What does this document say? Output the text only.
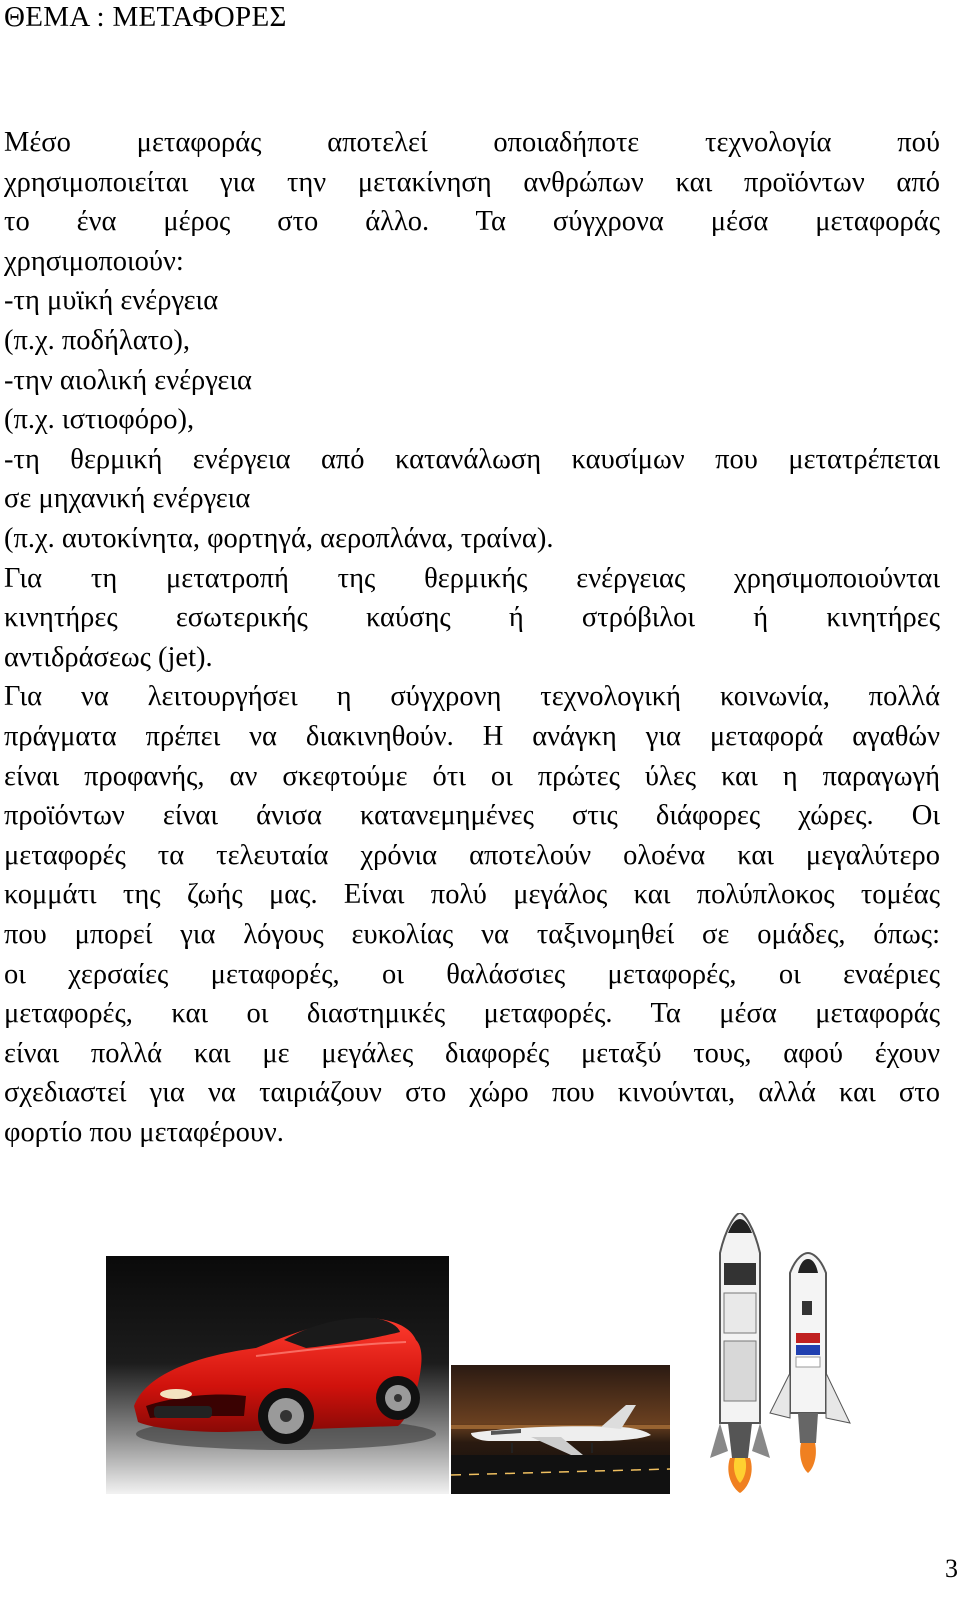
ΘΕΜΑ : ΜΕΤΑΦΟΡΕΣ
Μέσο μεταφοράς αποτελεί οποιαδήποτε τεχνολογία πού
χρησιμοποιείται για την μετακίνηση ανθρώπων και προϊόντων από
το ένα μέρος στο άλλο. Τα σύγχρονα μέσα μεταφοράς
χρησιμοποιούν:
-τη μυϊκή ενέργεια
(π.χ. ποδήλατο),
-την αιολική ενέργεια
(π.χ. ιστιοφόρο),
-τη θερμική ενέργεια από κατανάλωση καυσίμων που μετατρέπεται
σε μηχανική ενέργεια
(π.χ. αυτοκίνητα, φορτηγά, αεροπλάνα, τραίνα).
Για τη μετατροπή της θερμικής ενέργειας χρησιμοποιούνται
κινητήρες εσωτερικής καύσης ή στρόβιλοι ή κινητήρες
αντιδράσεως (jet).
Για να λειτουργήσει η σύγχρονη τεχνολογική κοινωνία, πολλά
πράγματα πρέπει να διακινηθούν. Η ανάγκη για μεταφορά αγαθών
είναι προφανής, αν σκεφτούμε ότι οι πρώτες ύλες και η παραγωγή
προϊόντων είναι άνισα κατανεμημένες στις διάφορες χώρες. Οι
μεταφορές τα τελευταία χρόνια αποτελούν ολοένα και μεγαλύτερο
κομμάτι της ζωής μας. Είναι πολύ μεγάλος και πολύπλοκος τομέας
που μπορεί για λόγους ευκολίας να ταξινομηθεί σε ομάδες, όπως:
οι χερσαίες μεταφορές, οι θαλάσσιες μεταφορές, οι εναέριες
μεταφορές, και οι διαστημικές μεταφορές. Τα μέσα μεταφοράς
είναι πολλά και με μεγάλες διαφορές μεταξύ τους, αφού έχουν
σχεδιαστεί για να ταιριάζουν στο χώρο που κινούνται, αλλά και στο
φορτίο που μεταφέρουν.
3
